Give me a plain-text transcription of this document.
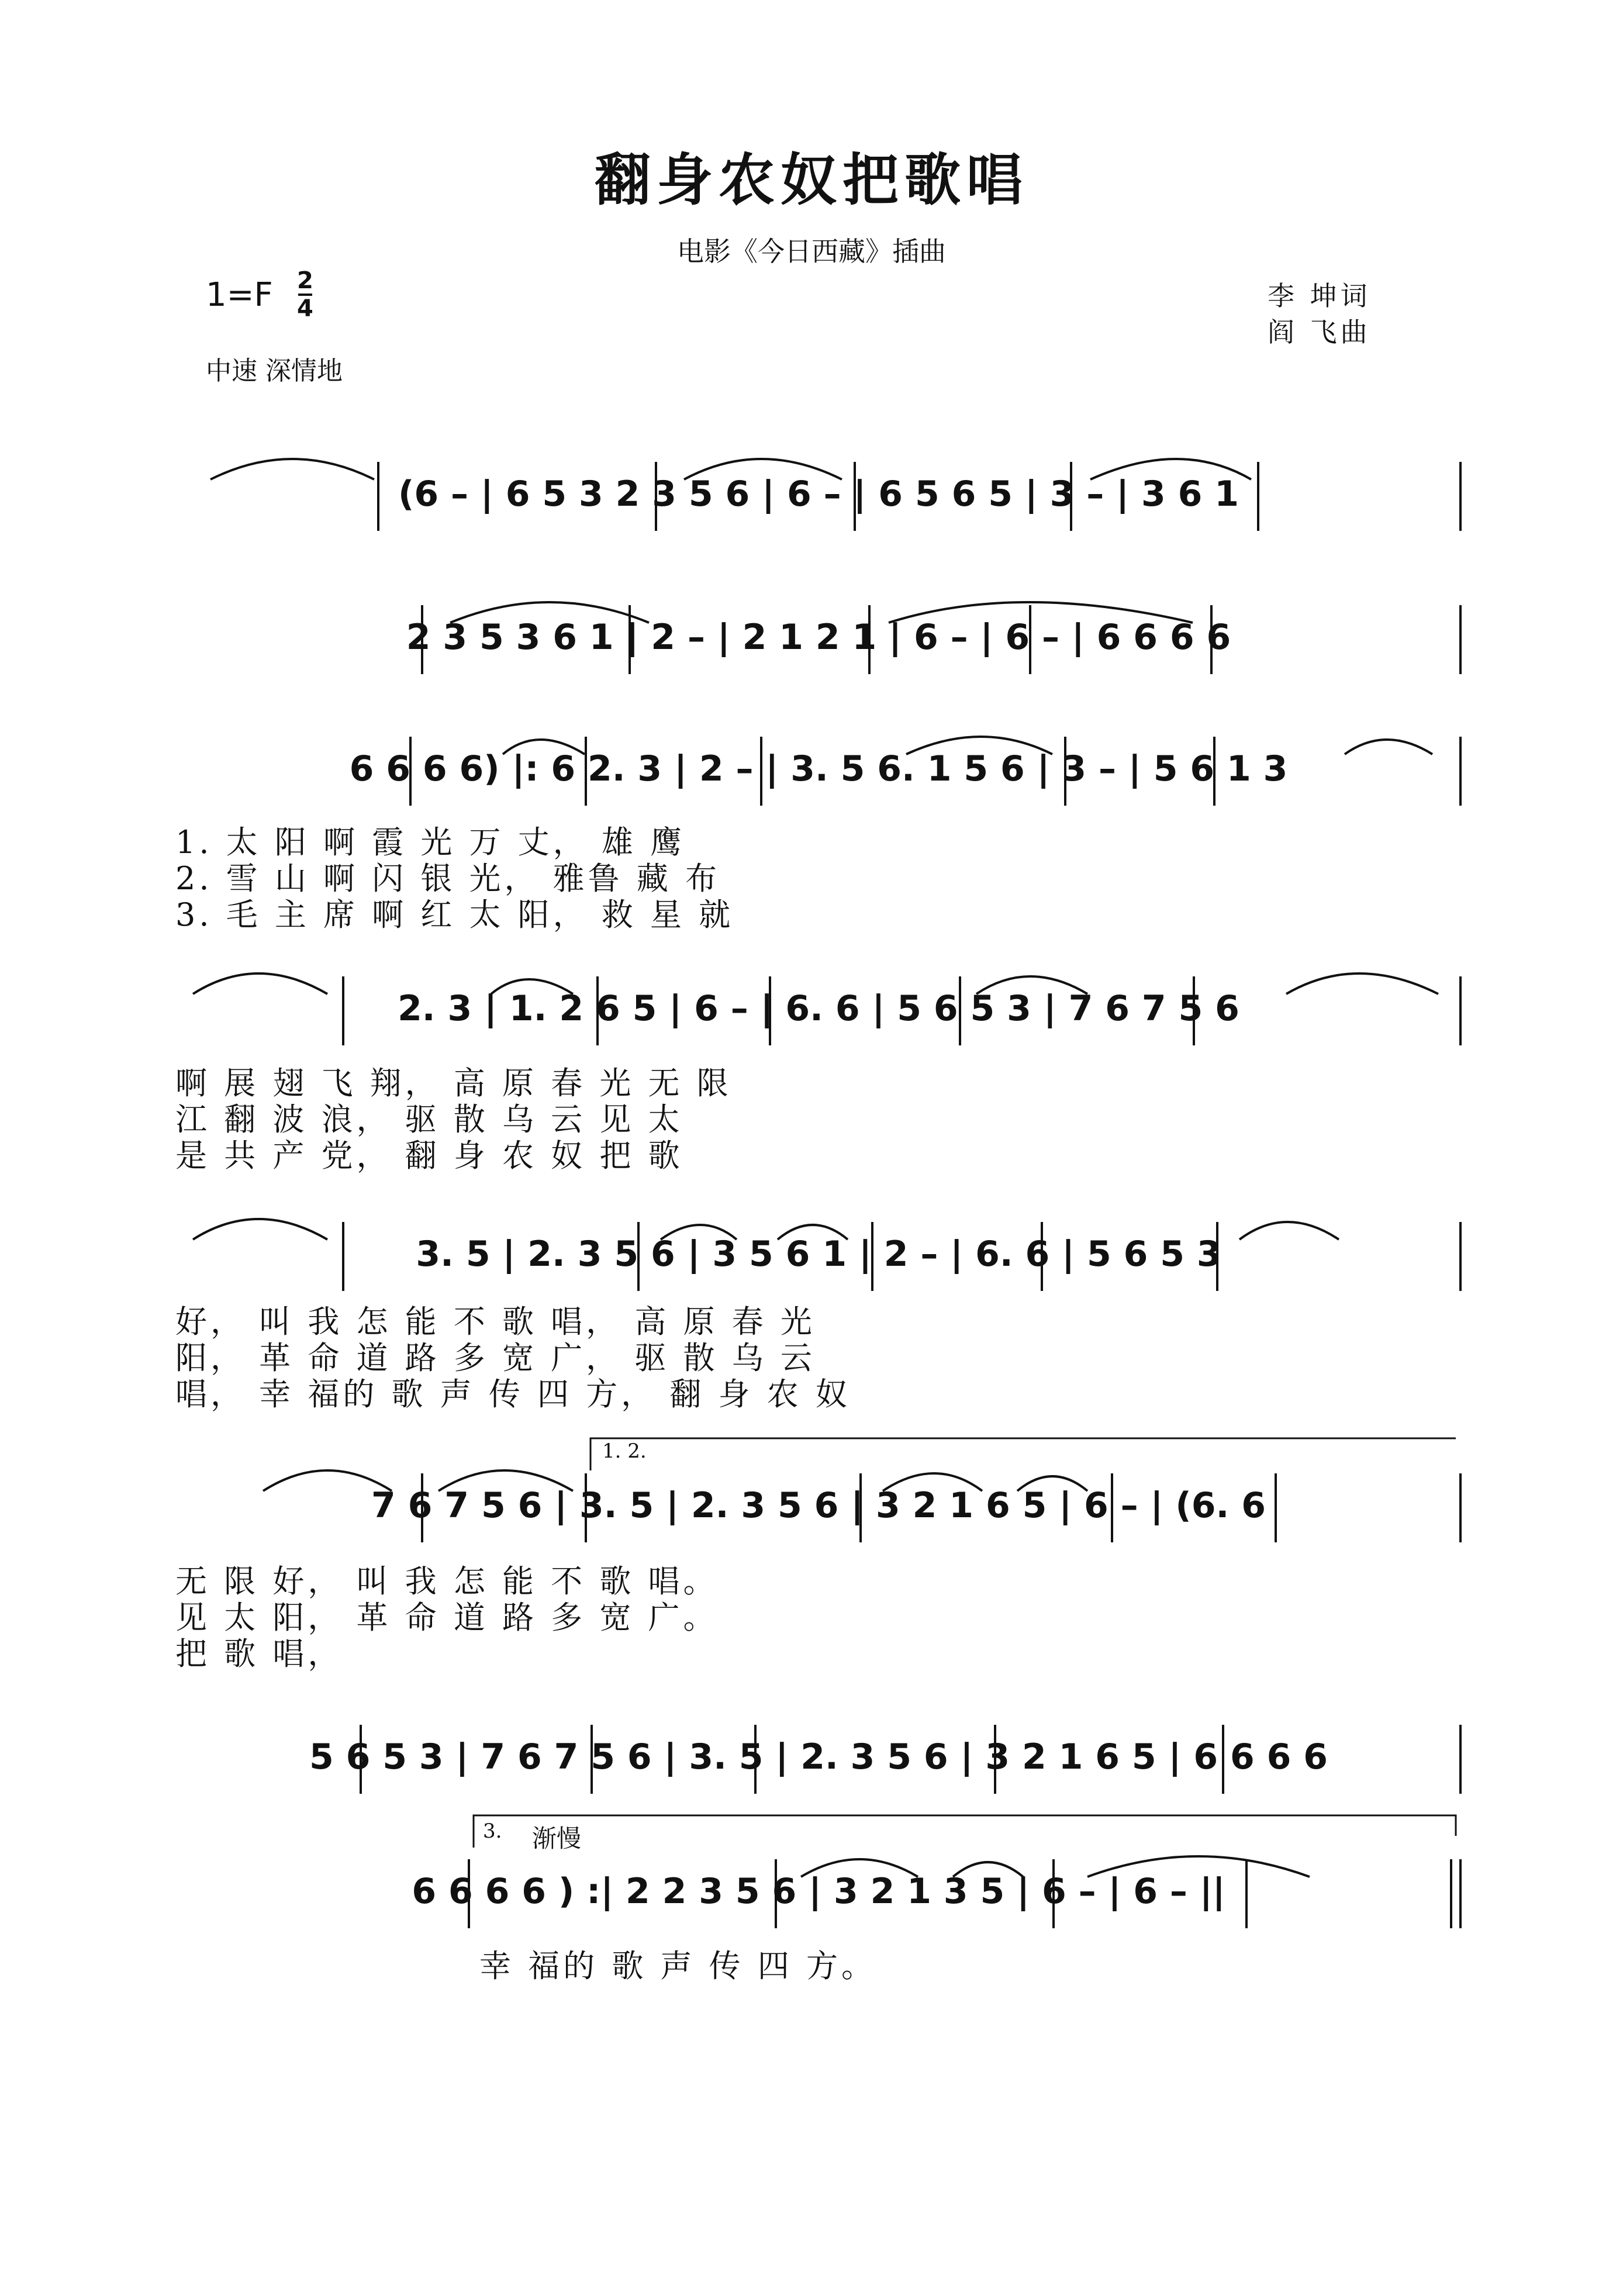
翻身农奴把歌唱
电影《今日西藏》插曲
1=F 2
4
中速 深情地
李 坤词
阎 飞曲
(6 – | 6 5 3 2 3 5 6 | 6 – | 6 5 6 5 | 3 – | 3 6 1
2 3 5 3 6 1 | 2 – | 2 1 2 1 | 6 – | 6 – | 6 6 6 6
6 6 6 6) |: 6 2. 3 | 2 – | 3. 5 6. 1 5 6 | 3 – | 5 6 1 3
1. 太 阳 啊 霞 光 万 丈， 雄 鹰
2. 雪 山 啊 闪 银 光， 雅鲁 藏 布
3. 毛 主 席 啊 红 太 阳， 救 星 就
2. 3 | 1. 2 6 5 | 6 – | 6. 6 | 5 6 5 3 | 7 6 7 5 6
啊 展 翅 飞 翔， 高 原 春 光 无 限
江 翻 波 浪， 驱 散 乌 云 见 太
是 共 产 党， 翻 身 农 奴 把 歌
3. 5 | 2. 3 5 6 | 3 5 6 1 | 2 – | 6. 6 | 5 6 5 3
好， 叫 我 怎 能 不 歌 唱， 高 原 春 光
阳， 革 命 道 路 多 宽 广， 驱 散 乌 云
唱， 幸 福的 歌 声 传 四 方， 翻 身 农 奴
1. 2.
7 6 7 5 6 | 3. 5 | 2. 3 5 6 | 3 2 1 6 5 | 6 – | (6. 6
无 限 好， 叫 我 怎 能 不 歌 唱。
见 太 阳， 革 命 道 路 多 宽 广。
把 歌 唱，
5 6 5 3 | 7 6 7 5 6 | 3. 5 | 2. 3 5 6 | 3 2 1 6 5 | 6 6 6 6
3. 渐慢
6 6 6 6 ) :| 2 2 3 5 6 | 3 2 1 3 5 | 6 – | 6 – ||
幸 福的 歌 声 传 四 方。
